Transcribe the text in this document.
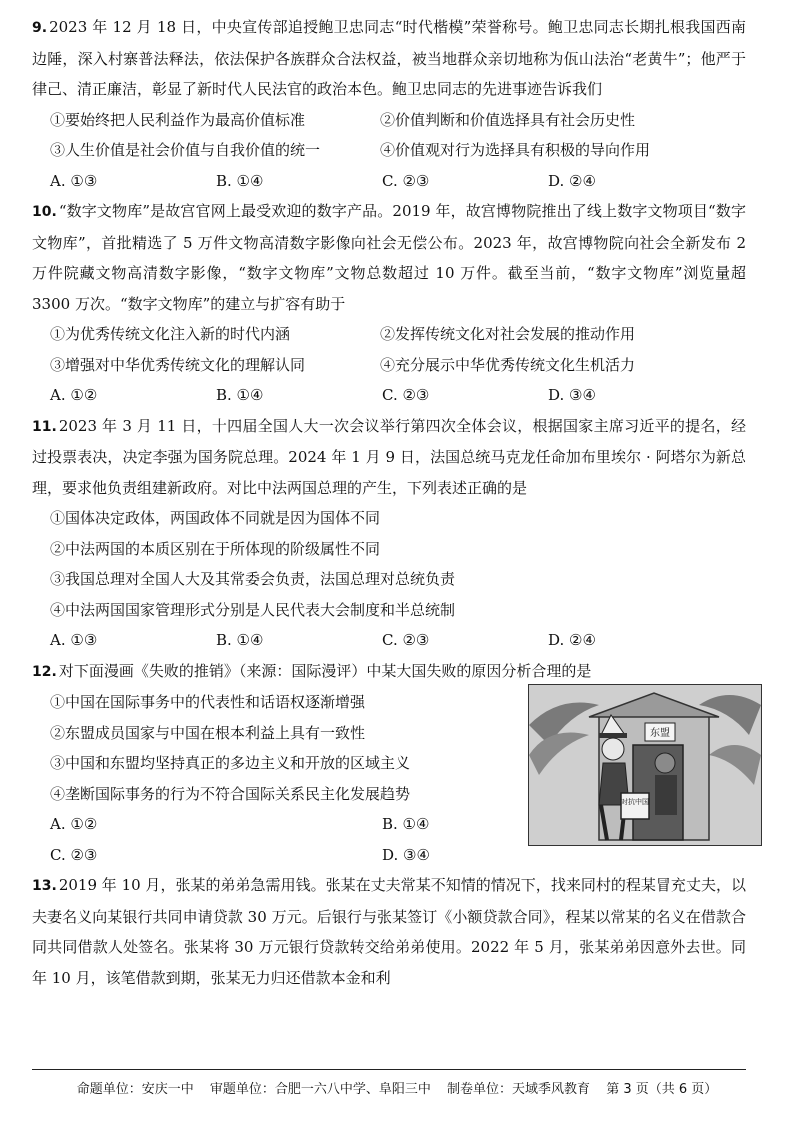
9. 2023 年 12 月 18 日，中央宣传部追授鲍卫忠同志“时代楷模”荣誉称号。鲍卫忠同志长期扎根我国西南边陲，深入村寨普法释法，依法保护各族群众合法权益，被当地群众亲切地称为佤山法治“老黄牛”；他严于律己、清正廉洁，彰显了新时代人民法官的政治本色。鲍卫忠同志的先进事迹告诉我们

①要始终把人民利益作为最高价值标准	②价值判断和价值选择具有社会历史性
③人生价值是社会价值与自我价值的统一	④价值观对行为选择具有积极的导向作用
A. ①③	B. ①④	C. ②③	D. ②④

10. “数字文物库”是故宫官网上最受欢迎的数字产品。2019 年，故宫博物院推出了线上数字文物项目“数字文物库”，首批精选了 5 万件文物高清数字影像向社会无偿公布。2023 年，故宫博物院向社会全新发布 2 万件院藏文物高清数字影像，“数字文物库”文物总数超过 10 万件。截至当前，“数字文物库”浏览量超 3300 万次。“数字文物库”的建立与扩容有助于

①为优秀传统文化注入新的时代内涵	②发挥传统文化对社会发展的推动作用
③增强对中华优秀传统文化的理解认同	④充分展示中华优秀传统文化生机活力
A. ①②	B. ①④	C. ②③	D. ③④

11. 2023 年 3 月 11 日，十四届全国人大一次会议举行第四次全体会议，根据国家主席习近平的提名，经过投票表决，决定李强为国务院总理。2024 年 1 月 9 日，法国总统马克龙任命加布里埃尔 · 阿塔尔为新总理，要求他负责组建新政府。对比中法两国总理的产生，下列表述正确的是

①国体决定政体，两国政体不同就是因为国体不同
②中法两国的本质区别在于所体现的阶级属性不同
③我国总理对全国人大及其常委会负责，法国总理对总统负责
④中法两国国家管理形式分别是人民代表大会制度和半总统制
A. ①③	B. ①④	C. ②③	D. ②④

12. 对下面漫画《失败的推销》（来源：国际漫评）中某大国失败的原因分析合理的是

①中国在国际事务中的代表性和话语权逐渐增强
②东盟成员国家与中国在根本利益上具有一致性
③中国和东盟均坚持真正的多边主义和开放的区域主义
④垄断国际事务的行为不符合国际关系民主化发展趋势
A. ①②	B. ①④
C. ②③	D. ③④
东盟
对抗中国

13. 2019 年 10 月，张某的弟弟急需用钱。张某在丈夫常某不知情的情况下，找来同村的程某冒充丈夫，以夫妻名义向某银行共同申请贷款 30 万元。后银行与张某签订《小额贷款合同》，程某以常某的名义在借款合同共同借款人处签名。张某将 30 万元银行贷款转交给弟弟使用。2022 年 5 月，张某弟弟因意外去世。同年 10 月，该笔借款到期，张某无力归还借款本金和利

命题单位：安庆一中 审题单位：合肥一六八中学、阜阳三中 制卷单位：天域季风教育 第 3 页（共 6 页）
